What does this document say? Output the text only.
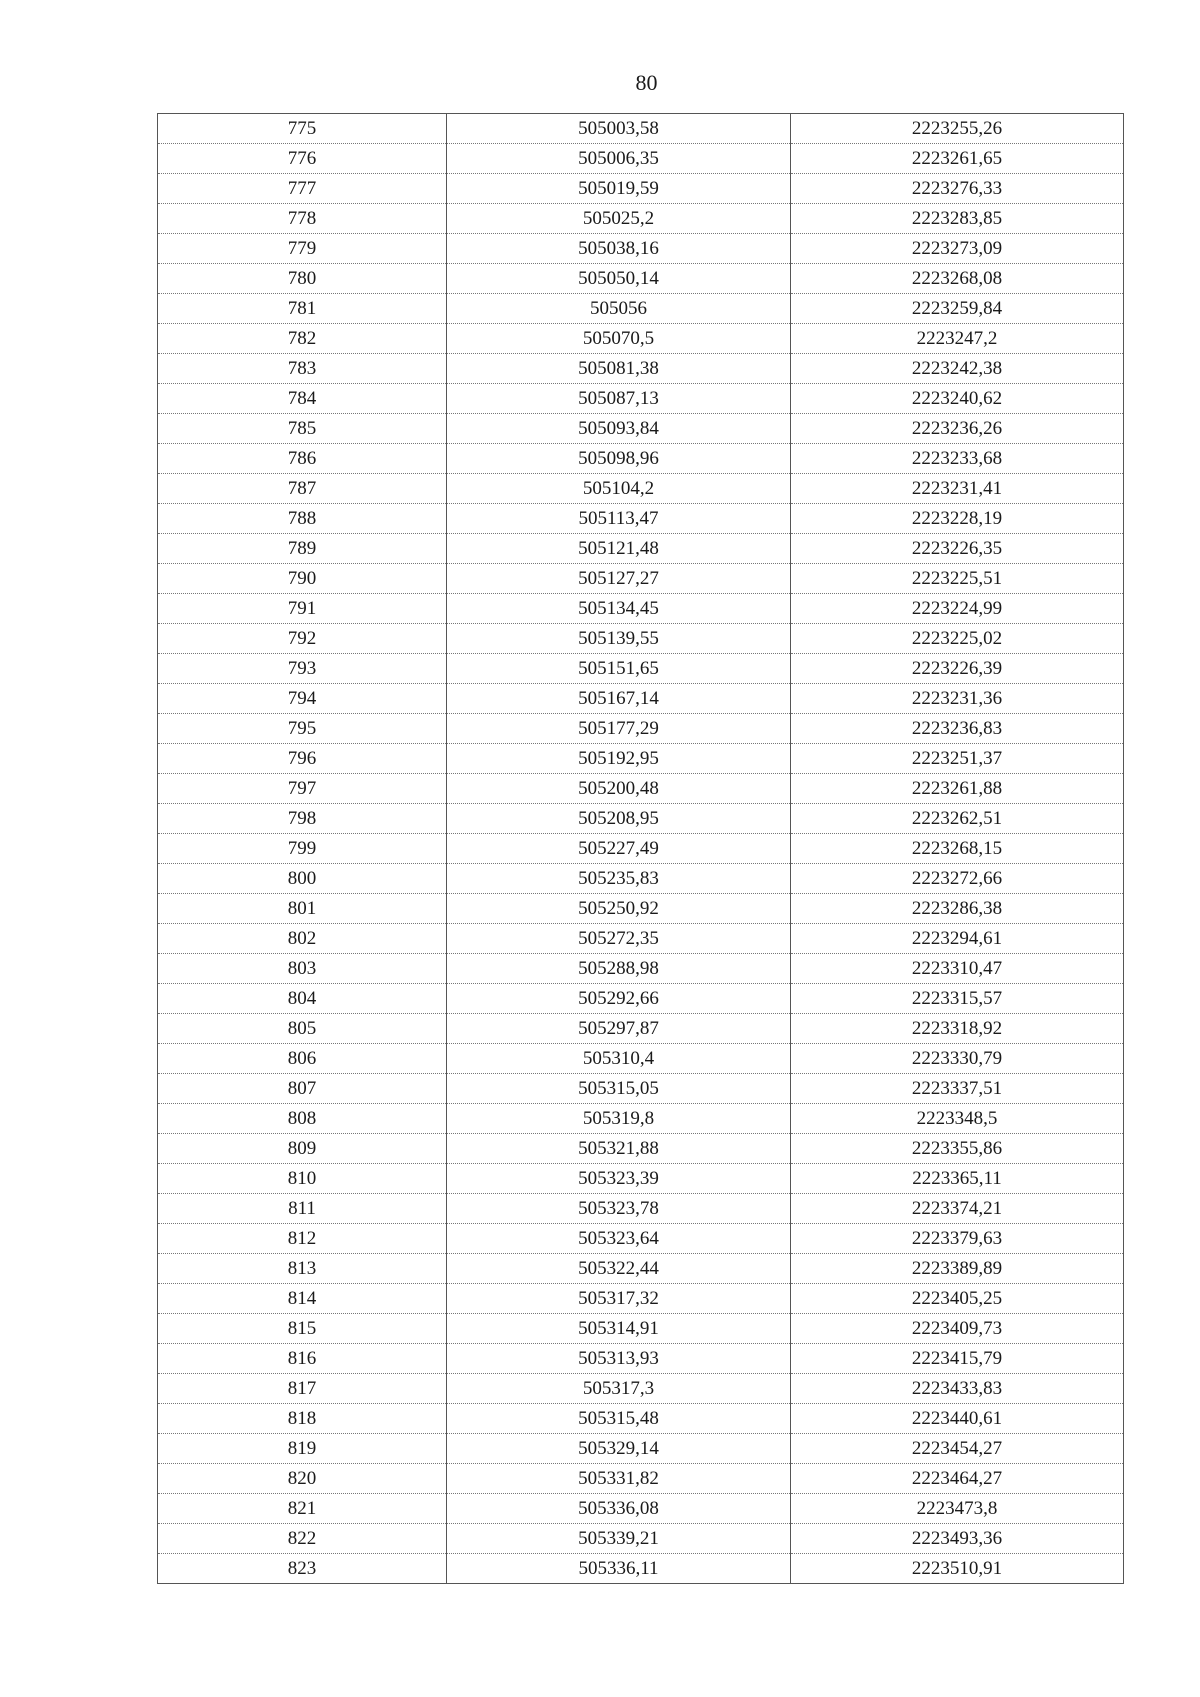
80
775	505003,58	2223255,26
776	505006,35	2223261,65
777	505019,59	2223276,33
778	505025,2	2223283,85
779	505038,16	2223273,09
780	505050,14	2223268,08
781	505056	2223259,84
782	505070,5	2223247,2
783	505081,38	2223242,38
784	505087,13	2223240,62
785	505093,84	2223236,26
786	505098,96	2223233,68
787	505104,2	2223231,41
788	505113,47	2223228,19
789	505121,48	2223226,35
790	505127,27	2223225,51
791	505134,45	2223224,99
792	505139,55	2223225,02
793	505151,65	2223226,39
794	505167,14	2223231,36
795	505177,29	2223236,83
796	505192,95	2223251,37
797	505200,48	2223261,88
798	505208,95	2223262,51
799	505227,49	2223268,15
800	505235,83	2223272,66
801	505250,92	2223286,38
802	505272,35	2223294,61
803	505288,98	2223310,47
804	505292,66	2223315,57
805	505297,87	2223318,92
806	505310,4	2223330,79
807	505315,05	2223337,51
808	505319,8	2223348,5
809	505321,88	2223355,86
810	505323,39	2223365,11
811	505323,78	2223374,21
812	505323,64	2223379,63
813	505322,44	2223389,89
814	505317,32	2223405,25
815	505314,91	2223409,73
816	505313,93	2223415,79
817	505317,3	2223433,83
818	505315,48	2223440,61
819	505329,14	2223454,27
820	505331,82	2223464,27
821	505336,08	2223473,8
822	505339,21	2223493,36
823	505336,11	2223510,91
